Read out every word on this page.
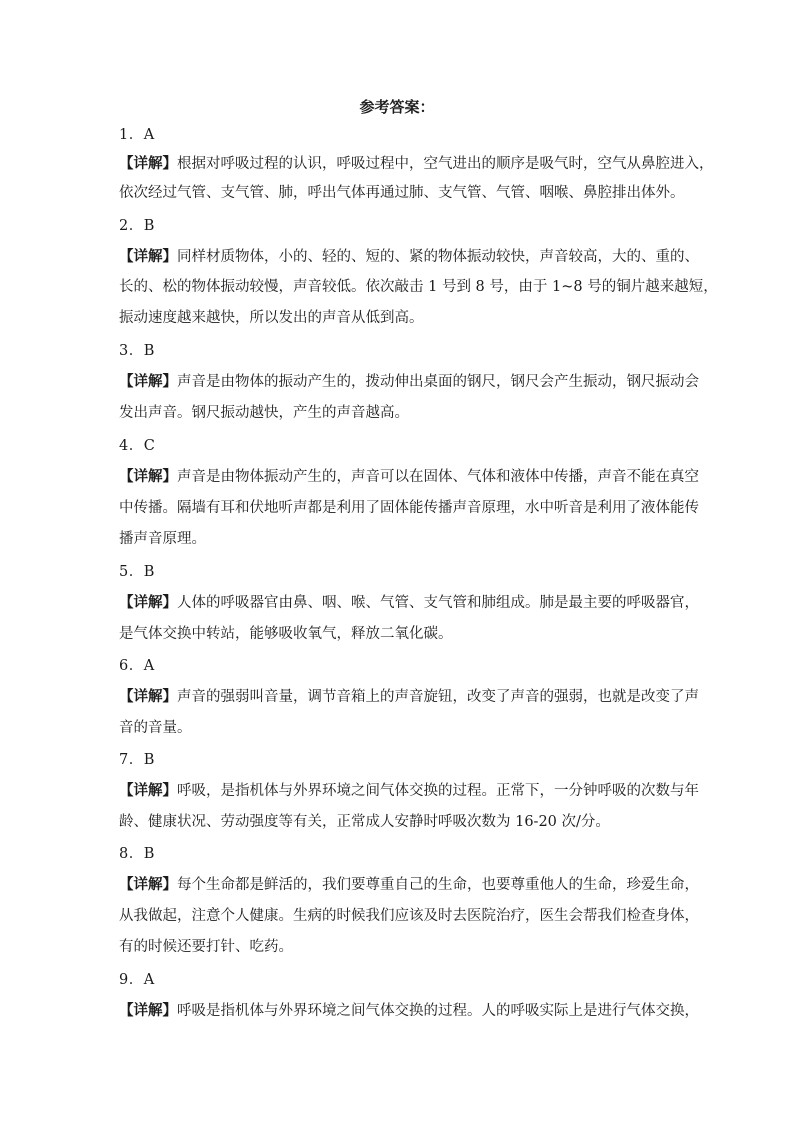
参考答案：
1．A
【详解】根据对呼吸过程的认识，呼吸过程中，空气进出的顺序是吸气时，空气从鼻腔进入，
依次经过气管、支气管、肺，呼出气体再通过肺、支气管、气管、咽喉、鼻腔排出体外。
2．B
【详解】同样材质物体，小的、轻的、短的、紧的物体振动较快，声音较高，大的、重的、
长的、松的物体振动较慢，声音较低。依次敲击 1 号到 8 号，由于 1~8 号的铜片越来越短，
振动速度越来越快，所以发出的声音从低到高。
3．B
【详解】声音是由物体的振动产生的，拨动伸出桌面的钢尺，钢尺会产生振动，钢尺振动会
发出声音。钢尺振动越快，产生的声音越高。
4．C
【详解】声音是由物体振动产生的，声音可以在固体、气体和液体中传播，声音不能在真空
中传播。隔墙有耳和伏地听声都是利用了固体能传播声音原理，水中听音是利用了液体能传
播声音原理。
5．B
【详解】人体的呼吸器官由鼻、咽、喉、气管、支气管和肺组成。肺是最主要的呼吸器官，
是气体交换中转站，能够吸收氧气，释放二氧化碳。
6．A
【详解】声音的强弱叫音量，调节音箱上的声音旋钮，改变了声音的强弱，也就是改变了声
音的音量。
7．B
【详解】呼吸，是指机体与外界环境之间气体交换的过程。正常下，一分钟呼吸的次数与年
龄、健康状况、劳动强度等有关，正常成人安静时呼吸次数为 16-20 次/分。
8．B
【详解】每个生命都是鲜活的，我们要尊重自己的生命，也要尊重他人的生命，珍爱生命，
从我做起，注意个人健康。生病的时候我们应该及时去医院治疗，医生会帮我们检查身体，
有的时候还要打针、吃药。
9．A
【详解】呼吸是指机体与外界环境之间气体交换的过程。人的呼吸实际上是进行气体交换，
